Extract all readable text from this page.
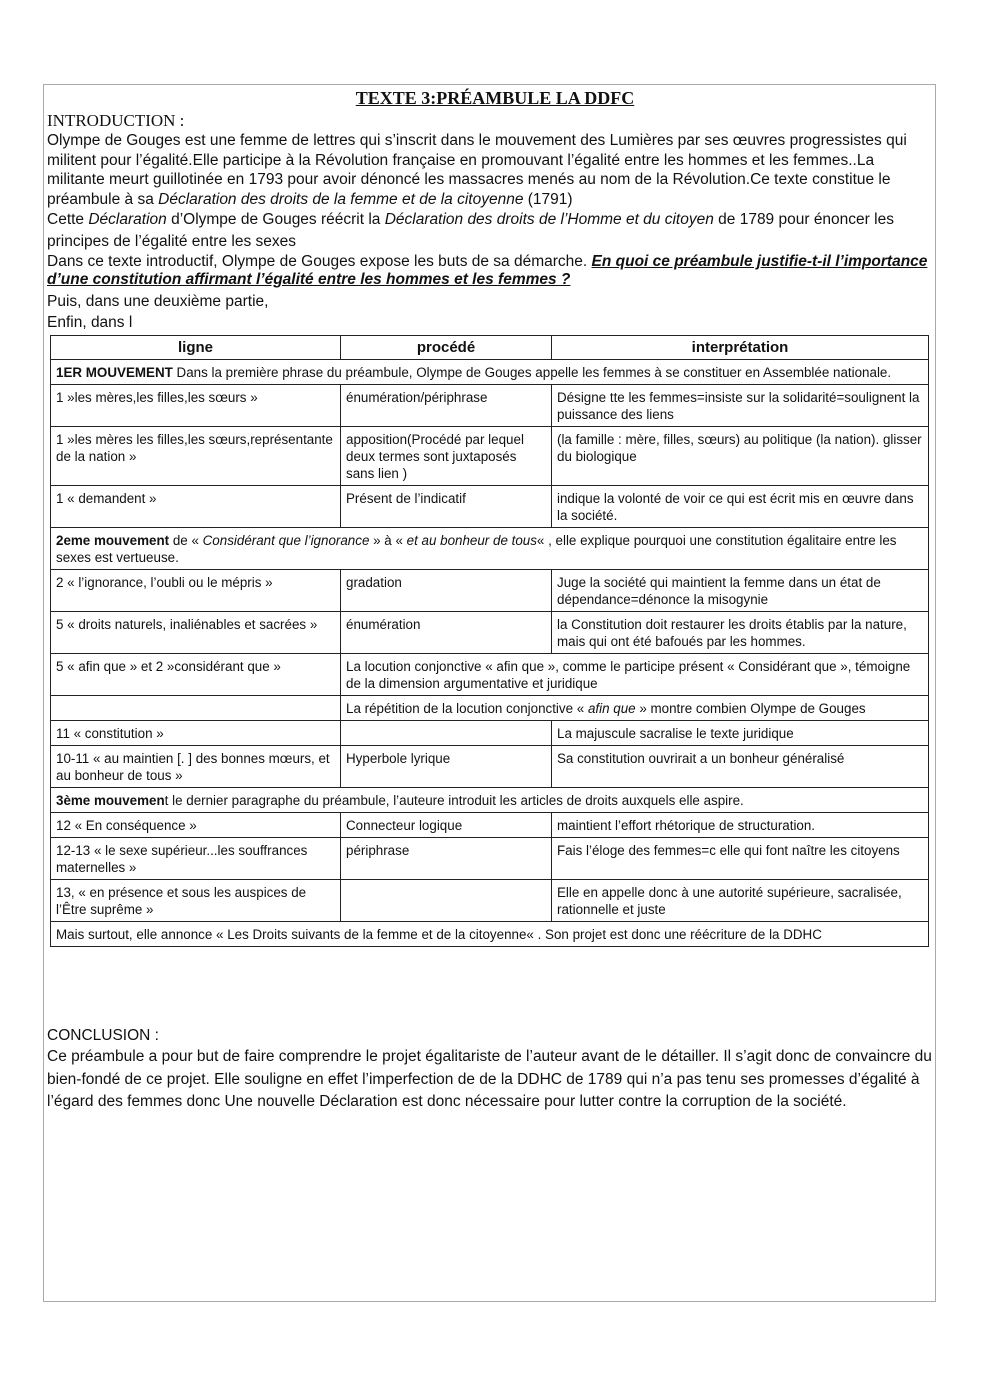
TEXTE 3:PRÉAMBULE LA DDFC
INTRODUCTION :
Olympe de Gouges est une femme de lettres qui s’inscrit dans le mouvement des Lumières par ses œuvres progressistes qui militent pour l’égalité.Elle participe à la Révolution française en promouvant l’égalité entre les hommes et les femmes..La militante meurt guillotinée en 1793 pour avoir dénoncé les massacres menés au nom de la Révolution.Ce texte constitue le préambule à sa Déclaration des droits de la femme et de la citoyenne (1791)
Cette Déclaration d’Olympe de Gouges réécrit la Déclaration des droits de l’Homme et du citoyen de 1789 pour énoncer les principes de l’égalité entre les sexes
Dans ce texte introductif, Olympe de Gouges expose les buts de sa démarche. En quoi ce préambule justifie-t-il l’importance d’une constitution affirmant l’égalité entre les hommes et les femmes ?
Puis, dans une deuxième partie,
Enfin, dans l
ligne	procédé	interprétation
1ER MOUVEMENT Dans la première phrase du préambule, Olympe de Gouges appelle les femmes à se constituer en Assemblée nationale.		
1 »les mères,les filles,les sœurs »	énumération/périphrase	Désigne tte les femmes=insiste sur la solidarité=soulignent la puissance des liens
1 »les mères les filles,les sœurs,représentante de la nation »	apposition(Procédé par lequel deux termes sont juxtaposés sans lien )	(la famille : mère, filles, sœurs) au politique (la nation). glisser du biologique
1 « demandent »	Présent de l’indicatif	indique la volonté de voir ce qui est écrit mis en œuvre dans la société.
2eme mouvement de « Considérant que l’ignorance » à « et au bonheur de tous« , elle explique pourquoi une constitution égalitaire entre les sexes est vertueuse.		
2 « l’ignorance, l’oubli ou le mépris »	gradation	Juge la société qui maintient la femme dans un état de dépendance=dénonce la misogynie
5 « droits naturels, inaliénables et sacrées »	énumération	la Constitution doit restaurer les droits établis par la nature, mais qui ont été bafoués par les hommes.
5 « afin que » et 2 »considérant que »	La locution conjonctive « afin que », comme le participe présent « Considérant que », témoigne de la dimension argumentative et juridique	
	La répétition de la locution conjonctive « afin que » montre combien Olympe de Gouges	
11 « constitution »		La majuscule sacralise le texte juridique
10-11 « au maintien [. ] des bonnes mœurs, et au bonheur de tous »	Hyperbole lyrique	Sa constitution ouvrirait a un bonheur généralisé
3ème mouvement le dernier paragraphe du préambule, l’auteure introduit les articles de droits auxquels elle aspire.		
12 « En conséquence »	Connecteur logique	maintient l’effort rhétorique de structuration.
12-13 « le sexe supérieur...les souffrances maternelles »	périphrase	Fais l’éloge des femmes=c elle qui font naître les citoyens
13, « en présence et sous les auspices de l’Être suprême »		Elle en appelle donc à une autorité supérieure, sacralisée, rationnelle et juste
Mais surtout, elle annonce « Les Droits suivants de la femme et de la citoyenne« . Son projet est donc une réécriture de la DDHC		
CONCLUSION :
Ce préambule a pour but de faire comprendre le projet égalitariste de l’auteur avant de le détailler. Il s’agit donc de convaincre du bien-fondé de ce projet. Elle souligne en effet l’imperfection de de la DDHC de 1789 qui n’a pas tenu ses promesses d’égalité à l’égard des femmes donc Une nouvelle Déclaration est donc nécessaire pour lutter contre la corruption de la société.
